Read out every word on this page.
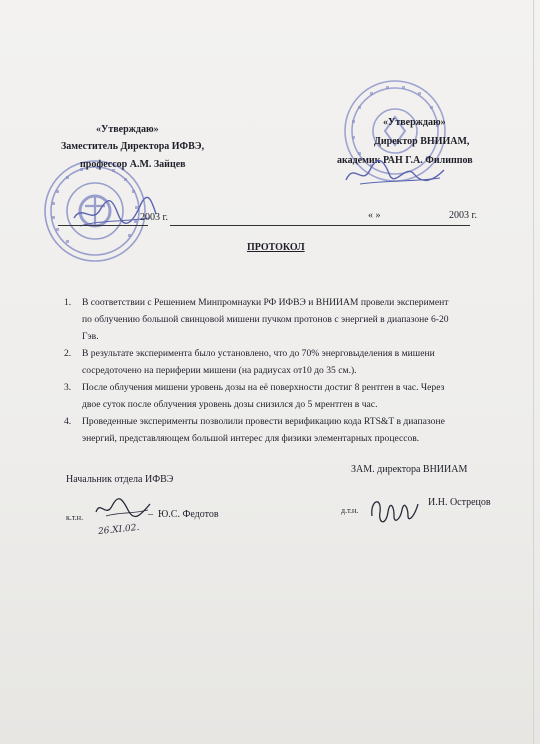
«Утверждаю»
Заместитель Директора ИФВЭ,
профессор А.М. Зайцев
«Утверждаю»
Директор ВНИИАМ,
академик РАН Г.А. Филиппов
2003 г.	« »	2003 г.
ПРОТОКОЛ
1. В соответствии с Решением Минпромнауки РФ ИФВЭ и ВНИИАМ провели эксперимент
по облучению большой свинцовой мишени пучком протонов с энергией в диапазоне 6-20
Гэв.
2. В результате эксперимента было установлено, что до 70% энерговыделения в мишени
сосредоточено на периферии мишени (на радиусах от10 до 35 см.).
3. После облучения мишени уровень дозы на её поверхности достиг 8 рентген в час. Через
двое суток после облучения уровень дозы снизился до 5 мрентген в час.
4. Проведенные эксперименты позволили провести верификацию кода RTS&T в диапазоне
энергий, представляющем большой интерес для физики элементарных процессов.
Начальник отдела ИФВЭ
ЗАМ. директора ВНИИАМ
к.т.н.	– Ю.С. Федотов
26.XI.02.
д.т.н.
И.Н. Острецов
